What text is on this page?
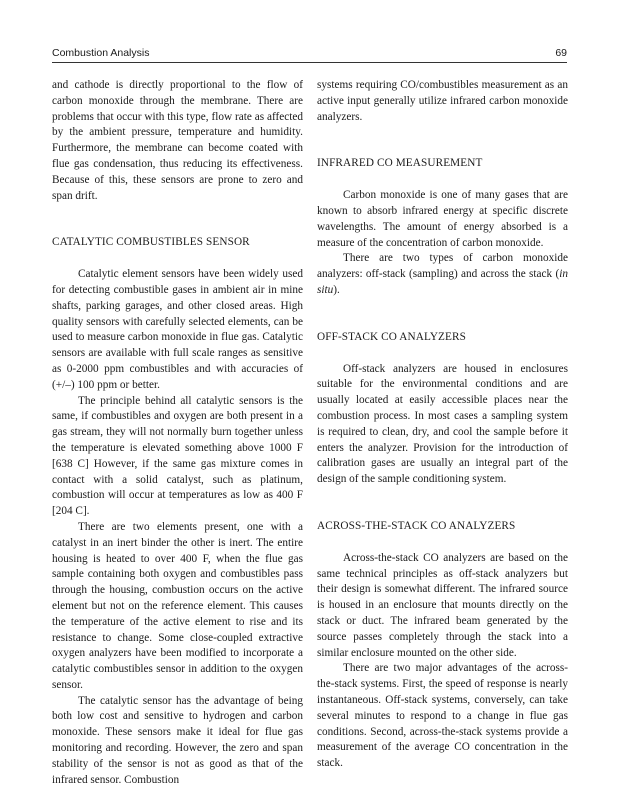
Combustion Analysis	69

and cathode is directly proportional to the flow of carbon monoxide through the membrane. There are problems that occur with this type, flow rate as affected by the ambient pressure, temperature and humidity. Furthermore, the membrane can become coated with flue gas condensation, thus reducing its effectiveness. Because of this, these sensors are prone to zero and span drift.

CATALYTIC COMBUSTIBLES SENSOR

Catalytic element sensors have been widely used for detecting combustible gases in ambient air in mine shafts, parking garages, and other closed areas. High quality sensors with carefully selected elements, can be used to measure carbon monoxide in flue gas. Catalytic sensors are available with full scale ranges as sensitive as 0-2000 ppm combustibles and with accuracies of (+/–) 100 ppm or better.

The principle behind all catalytic sensors is the same, if combustibles and oxygen are both present in a gas stream, they will not normally burn together unless the temperature is elevated something above 1000 F [638 C] However, if the same gas mixture comes in contact with a solid catalyst, such as platinum, combustion will occur at temperatures as low as 400 F [204 C].

There are two elements present, one with a catalyst in an inert binder the other is inert. The entire housing is heated to over 400 F, when the flue gas sample containing both oxygen and combustibles pass through the housing, combustion occurs on the active element but not on the reference element. This causes the temperature of the active element to rise and its resistance to change. Some close-coupled extractive oxygen analyzers have been modified to incorporate a catalytic combustibles sensor in addition to the oxygen sensor.

The catalytic sensor has the advantage of being both low cost and sensitive to hydrogen and carbon monoxide. These sensors make it ideal for flue gas monitoring and recording. However, the zero and span stability of the sensor is not as good as that of the infrared sensor. Combustion

systems requiring CO/combustibles measurement as an active input generally utilize infrared carbon monoxide analyzers.

INFRARED CO MEASUREMENT

Carbon monoxide is one of many gases that are known to absorb infrared energy at specific discrete wavelengths. The amount of energy absorbed is a measure of the concentration of carbon monoxide.

There are two types of carbon monoxide analyzers: off-stack (sampling) and across the stack (in situ).

OFF-STACK CO ANALYZERS

Off-stack analyzers are housed in enclosures suitable for the environmental conditions and are usually located at easily accessible places near the combustion process. In most cases a sampling system is required to clean, dry, and cool the sample before it enters the analyzer. Provision for the introduction of calibration gases are usually an integral part of the design of the sample conditioning system.

ACROSS-THE-STACK CO ANALYZERS

Across-the-stack CO analyzers are based on the same technical principles as off-stack analyzers but their design is somewhat different. The infrared source is housed in an enclosure that mounts directly on the stack or duct. The infrared beam generated by the source passes completely through the stack into a similar enclosure mounted on the other side.

There are two major advantages of the across-the-stack systems. First, the speed of response is nearly instantaneous. Off-stack systems, conversely, can take several minutes to respond to a change in flue gas conditions. Second, across-the-stack systems provide a measurement of the average CO concentration in the stack.
